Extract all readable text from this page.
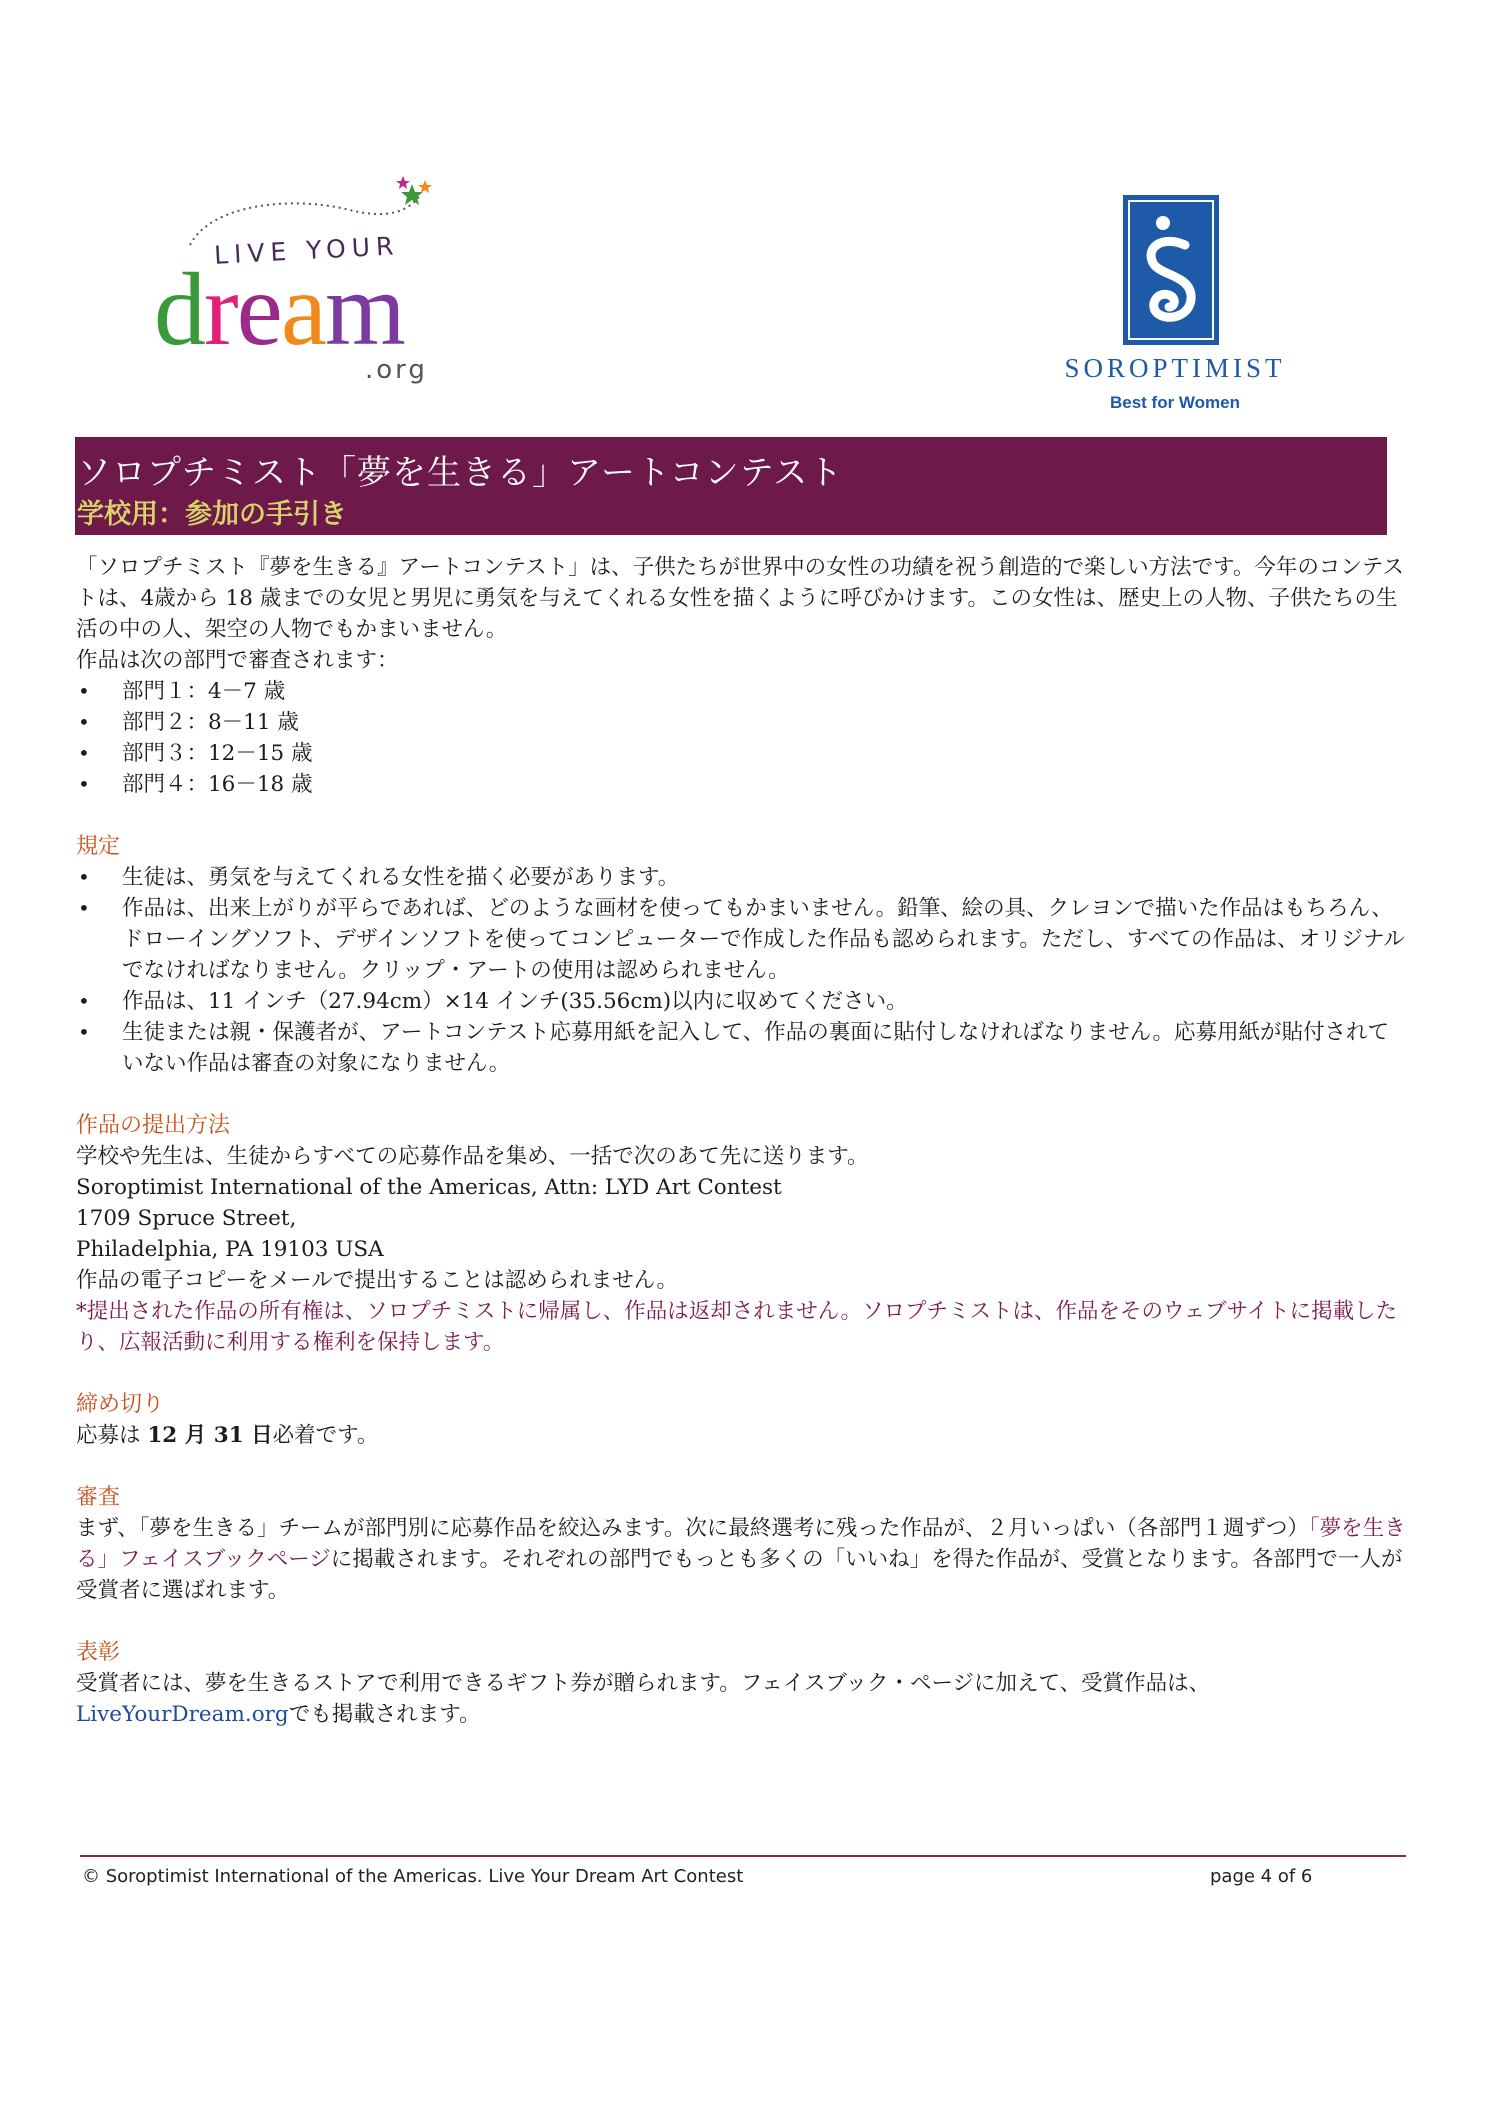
LIVE YOUR
dream
.org	SOROPTIMIST
Best for Women
ソロプチミスト「夢を生きる」アートコンテスト
学校用：参加の手引き

「ソロプチミスト『夢を生きる』アートコンテスト」は、子供たちが世界中の女性の功績を祝う創造的で楽しい方法です。今年のコンテストは、4歳から 18 歳までの女児と男児に勇気を与えてくれる女性を描くように呼びかけます。この女性は、歴史上の人物、子供たちの生活の中の人、架空の人物でもかまいません。

作品は次の部門で審査されます：

• 部門１：4－7 歳
• 部門２：8－11 歳
• 部門３：12－15 歳
• 部門４：16－18 歳

規定

• 生徒は、勇気を与えてくれる女性を描く必要があります。
• 作品は、出来上がりが平らであれば、どのような画材を使ってもかまいません。鉛筆、絵の具、クレヨンで描いた作品はもちろん、ドローイングソフト、デザインソフトを使ってコンピューターで作成した作品も認められます。ただし、すべての作品は、オリジナルでなければなりません。クリップ・アートの使用は認められません。
• 作品は、11 インチ（27.94cm）×14 インチ(35.56cm)以内に収めてください。
• 生徒または親・保護者が、アートコンテスト応募用紙を記入して、作品の裏面に貼付しなければなりません。応募用紙が貼付されていない作品は審査の対象になりません。

作品の提出方法

学校や先生は、生徒からすべての応募作品を集め、一括で次のあて先に送ります。

Soroptimist International of the Americas, Attn: LYD Art Contest

1709 Spruce Street,

Philadelphia, PA 19103 USA

作品の電子コピーをメールで提出することは認められません。

*提出された作品の所有権は、ソロプチミストに帰属し、作品は返却されません。ソロプチミストは、作品をそのウェブサイトに掲載したり、広報活動に利用する権利を保持します。

締め切り

応募は 12 月 31 日必着です。

審査

まず、「夢を生きる」チームが部門別に応募作品を絞込みます。次に最終選考に残った作品が、２月いっぱい（各部門１週ずつ）「夢を生きる」フェイスブックページに掲載されます。それぞれの部門でもっとも多くの「いいね」を得た作品が、受賞となります。各部門で一人が受賞者に選ばれます。

表彰

受賞者には、夢を生きるストアで利用できるギフト券が贈られます。フェイスブック・ページに加えて、受賞作品は、LiveYourDream.orgでも掲載されます。

© Soroptimist International of the Americas. Live Your Dream Art Contest	page 4 of 6
